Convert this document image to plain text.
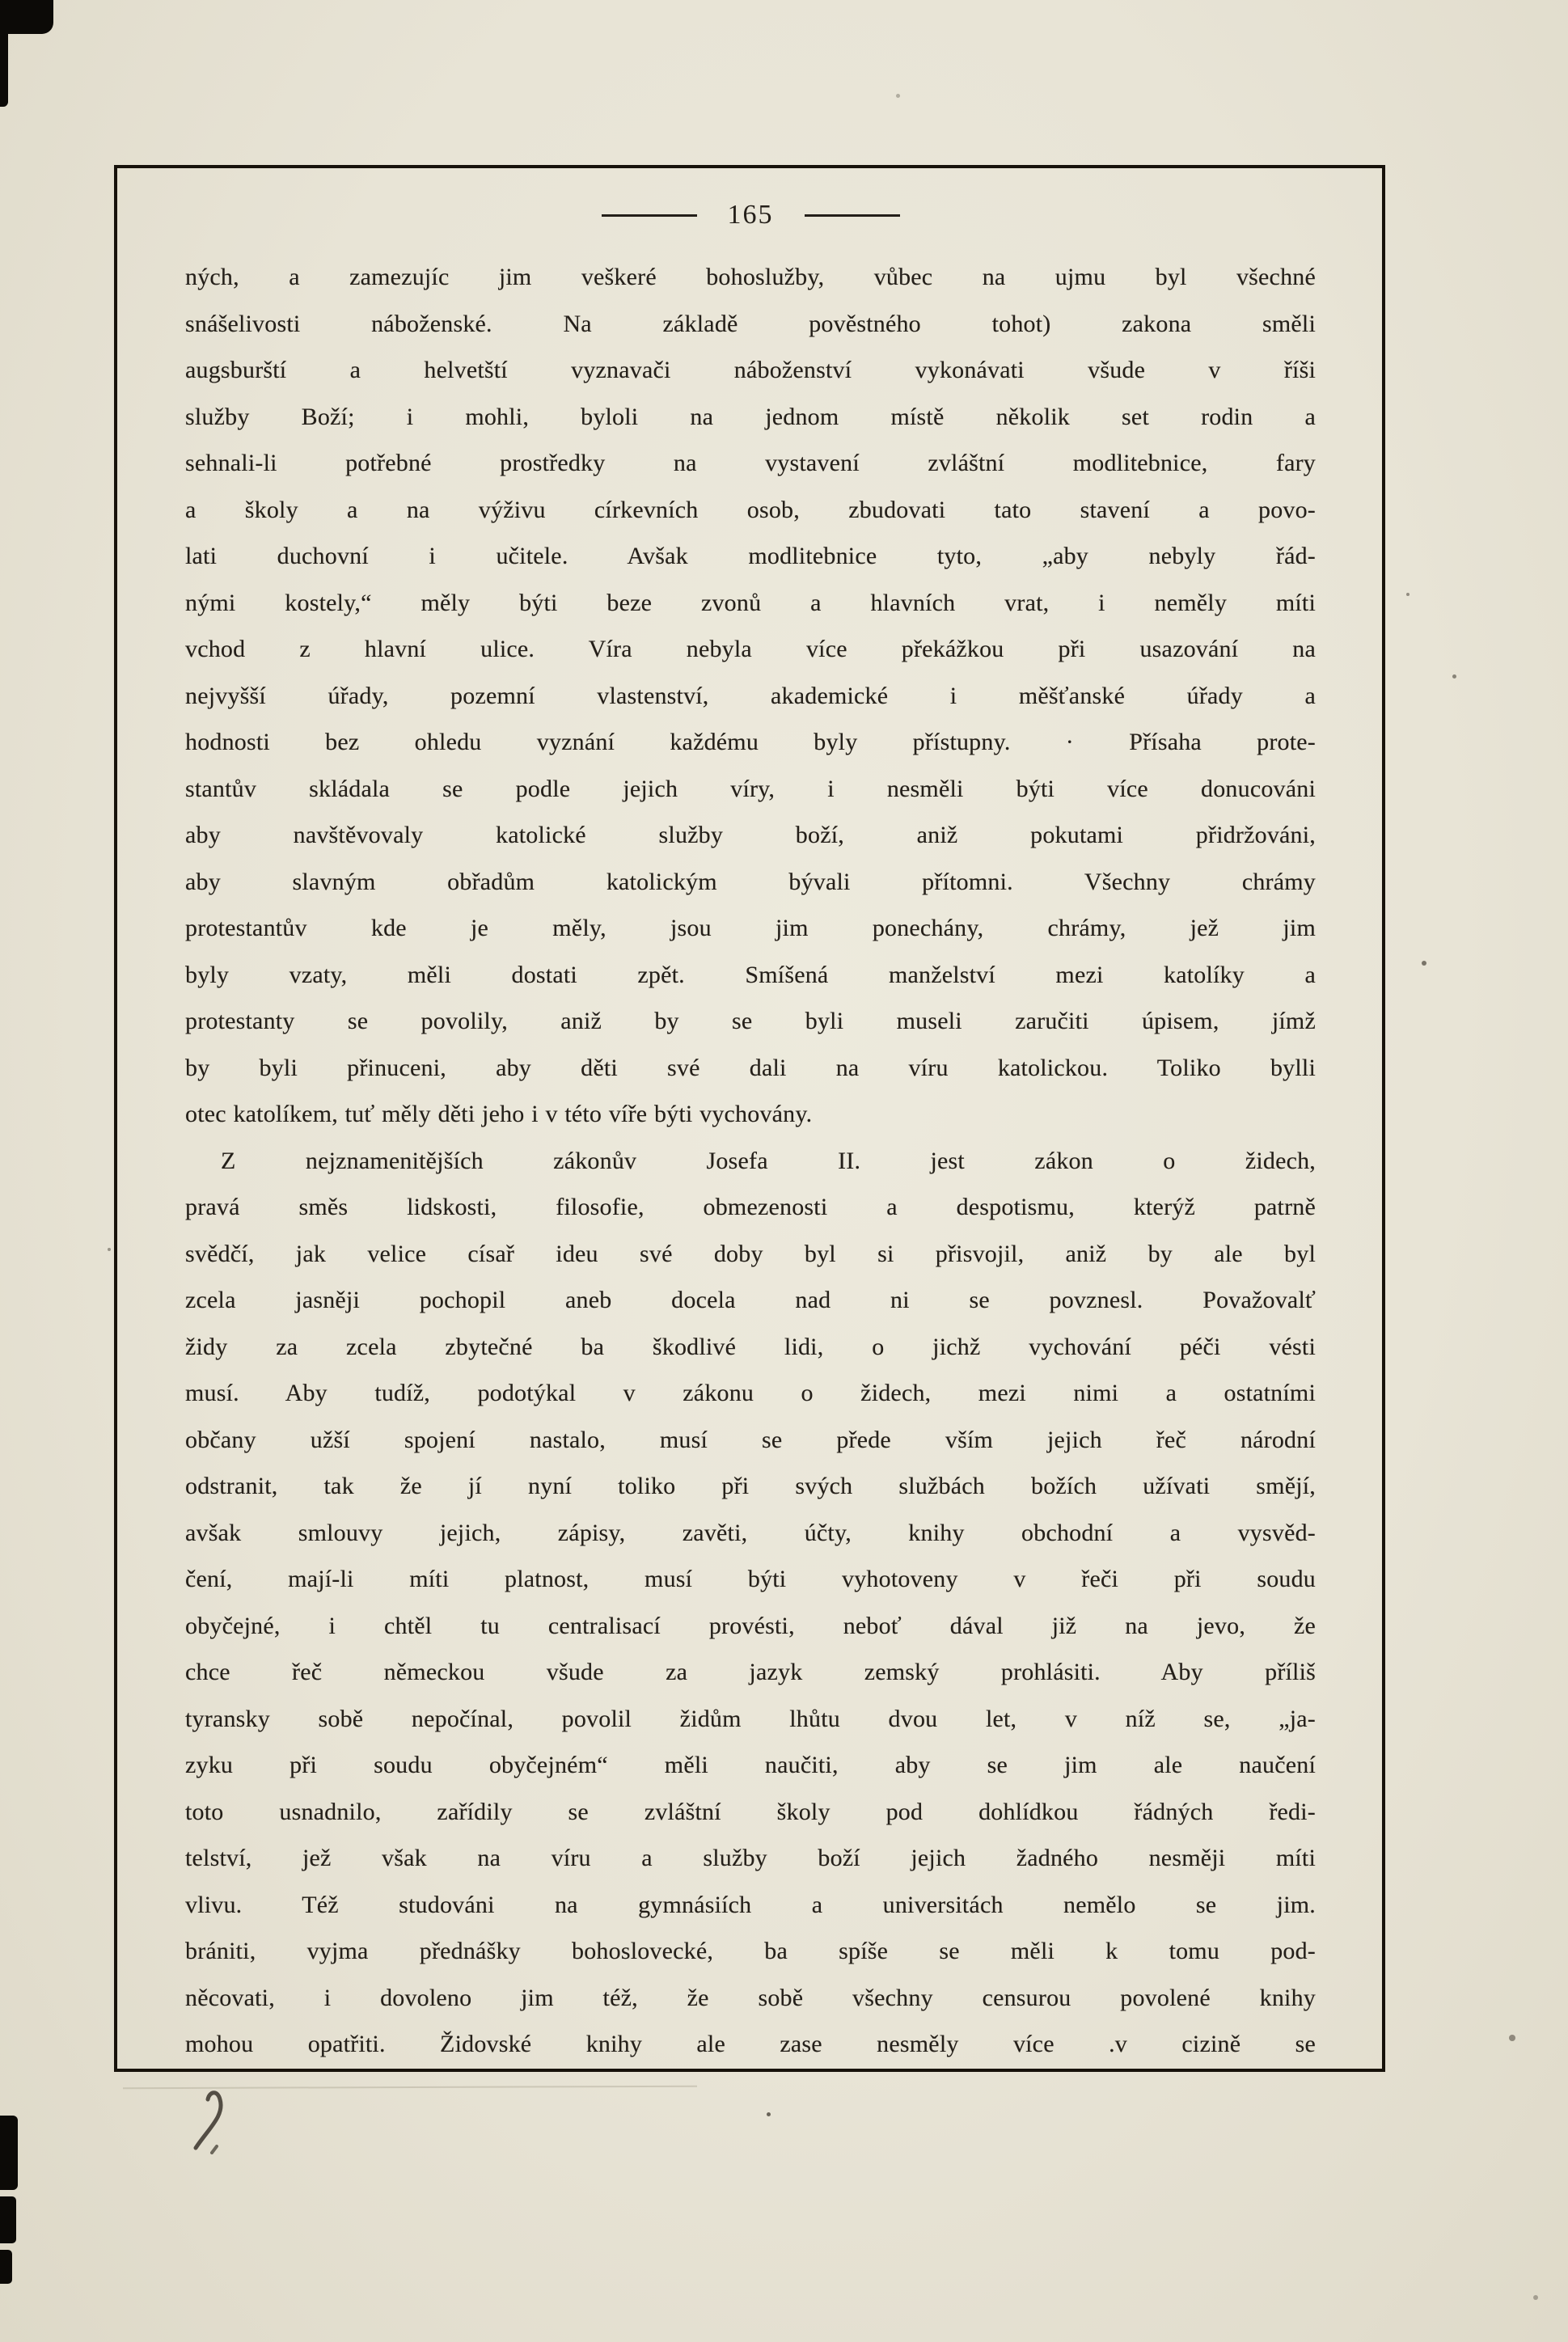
165
ných, a zamezujíc jim veškeré bohoslužby, vůbec na ujmu byl všechné
snášelivosti náboženské. Na základě pověstného tohot) zakona směli
augsburští a helvetští vyznavači náboženství vykonávati všude v říši
služby Boží; i mohli, byloli na jednom místě několik set rodin a
sehnali-li potřebné prostředky na vystavení zvláštní modlitebnice, fary
a školy a na výživu církevních osob, zbudovati tato stavení a povo-
lati duchovní i učitele. Avšak modlitebnice tyto, „aby nebyly řád-
nými kostely,“ měly býti beze zvonů a hlavních vrat, i neměly míti
vchod z hlavní ulice. Víra nebyla více překážkou při usazování na
nejvyšší úřady, pozemní vlastenství, akademické i měšťanské úřady a
hodnosti bez ohledu vyznání každému byly přístupny. · Přísaha prote-
stantův skládala se podle jejich víry, i nesměli býti více donucováni
aby navštěvovaly katolické služby boží, aniž pokutami přidržováni,
aby slavným obřadům katolickým bývali přítomni. Všechny chrámy
protestantův kde je měly, jsou jim ponechány, chrámy, jež jim
byly vzaty, měli dostati zpět. Smíšená manželství mezi katolíky a
protestanty se povolily, aniž by se byli museli zaručiti úpisem, jímž
by byli přinuceni, aby děti své dali na víru katolickou. Toliko bylli
otec katolíkem, tuť měly děti jeho i v této víře býti vychovány.
Z nejznamenitějších zákonův Josefa II. jest zákon o židech,
pravá směs lidskosti, filosofie, obmezenosti a despotismu, kterýž patrně
svědčí, jak velice císař ideu své doby byl si přisvojil, aniž by ale byl
zcela jasněji pochopil aneb docela nad ni se povznesl. Považovalť
židy za zcela zbytečné ba škodlivé lidi, o jichž vychování péči vésti
musí. Aby tudíž, podotýkal v zákonu o židech, mezi nimi a ostatními
občany užší spojení nastalo, musí se přede vším jejich řeč národní
odstranit, tak že jí nyní toliko při svých službách božích užívati smějí,
avšak smlouvy jejich, zápisy, zavěti, účty, knihy obchodní a vysvěd-
čení, mají-li míti platnost, musí býti vyhotoveny v řeči při soudu
obyčejné, i chtěl tu centralisací provésti, neboť dával již na jevo, že
chce řeč německou všude za jazyk zemský prohlásiti. Aby příliš
tyransky sobě nepočínal, povolil židům lhůtu dvou let, v níž se, „ja-
zyku při soudu obyčejném“ měli naučiti, aby se jim ale naučení
toto usnadnilo, zařídily se zvláštní školy pod dohlídkou řádných ředi-
telství, jež však na víru a služby boží jejich žadného nesměji míti
vlivu. Též studováni na gymnásiích a universitách nemělo se jim.
brániti, vyjma přednášky bohoslovecké, ba spíše se měli k tomu pod-
něcovati, i dovoleno jim též, že sobě všechny censurou povolené knihy
mohou opatřiti. Židovské knihy ale zase nesměly více .v cizině se
